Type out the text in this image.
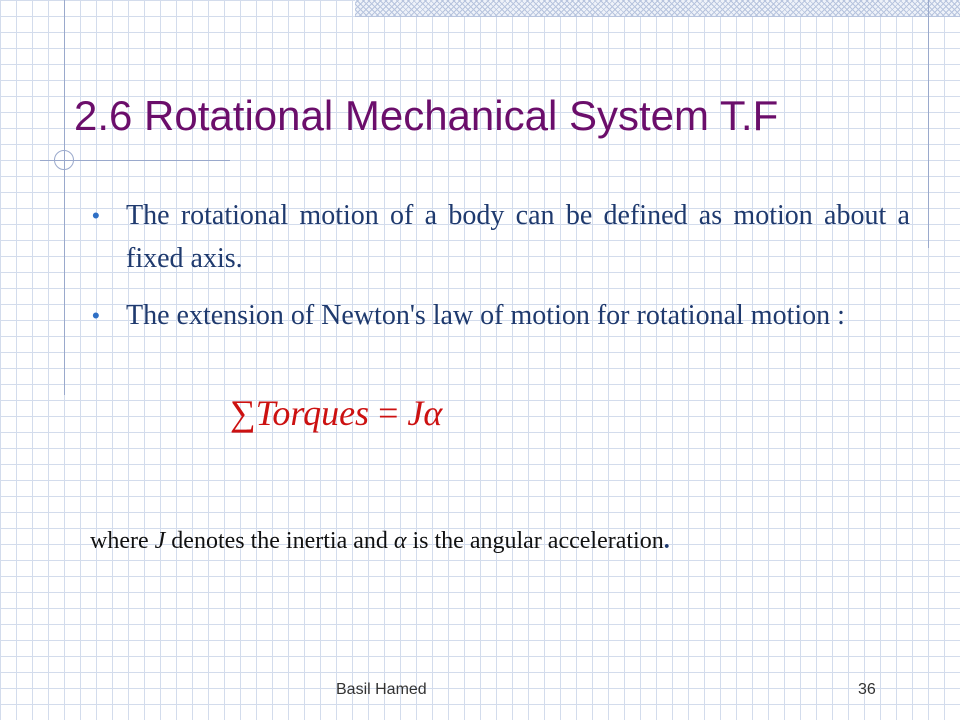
2.6 Rotational Mechanical System T.F
• The rotational motion of a body can be defined as motion about a fixed axis.
• The extension of Newton's law of motion for rotational motion :
∑Torques = Jα
where J denotes the inertia and α is the angular acceleration.
Basil Hamed	36
